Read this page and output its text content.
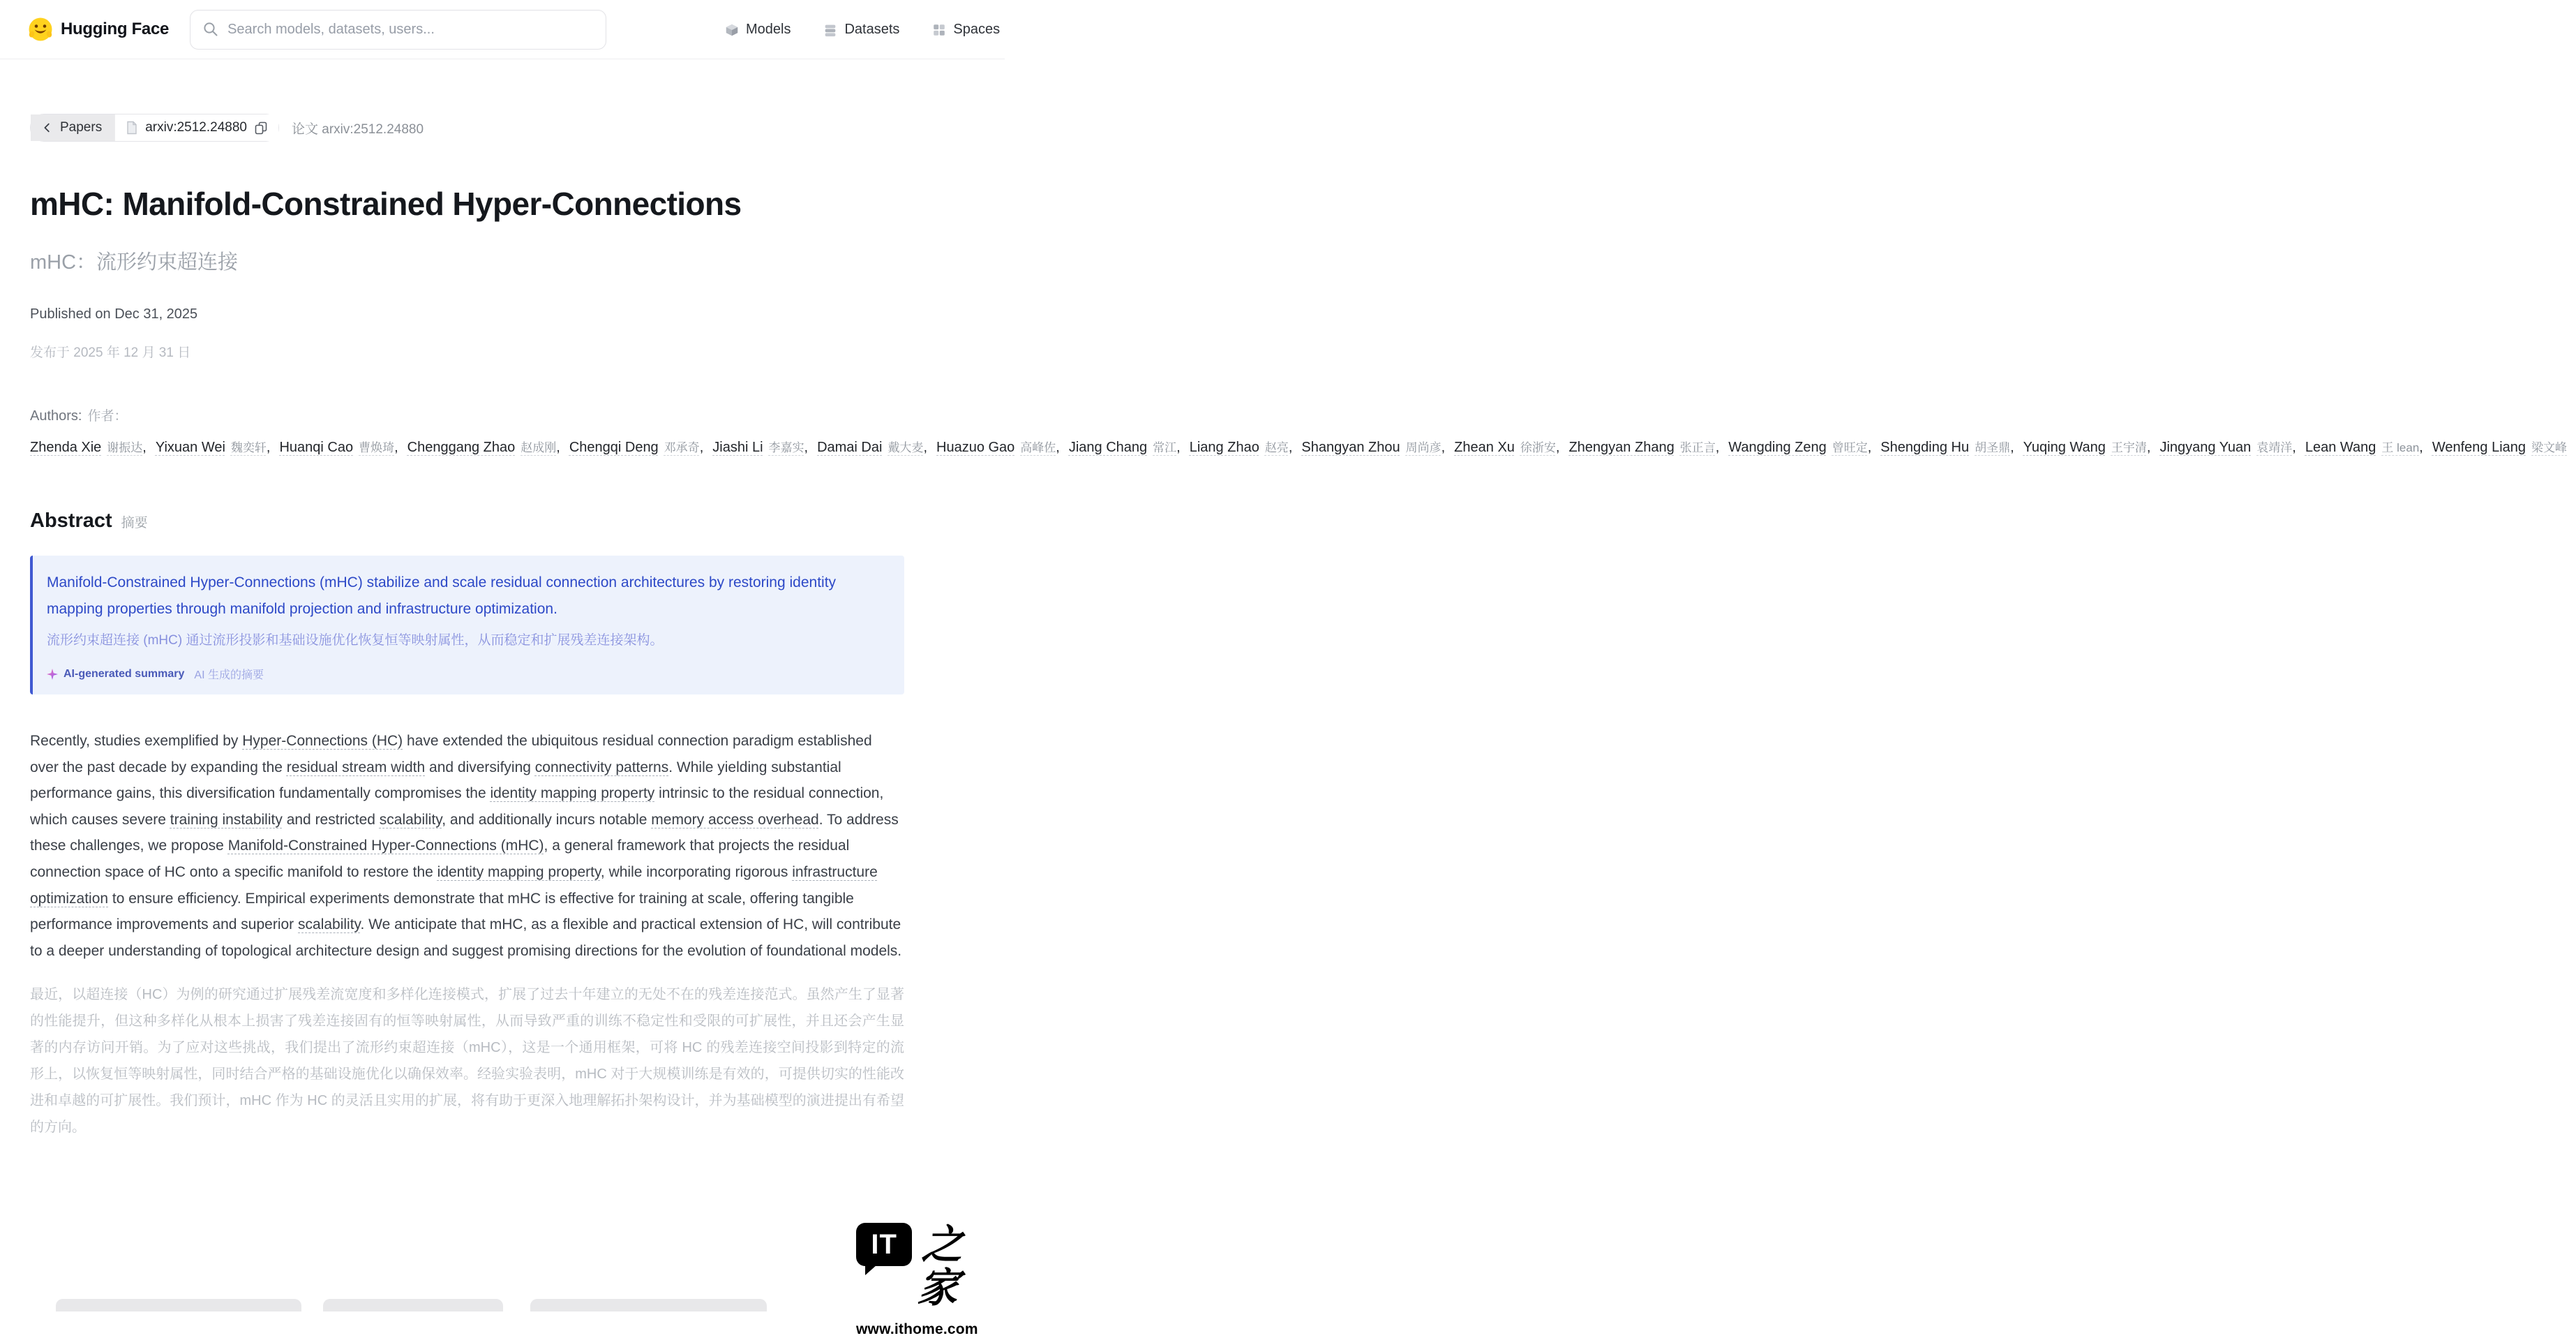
Hugging Face
Search models, datasets, users...	Models	Datasets	Spaces
Papers	arxiv:2512.24880	论文 arxiv:2512.24880
mHC: Manifold-Constrained Hyper-Connections
mHC：流形约束超连接
Published on Dec 31, 2025
发布于 2025 年 12 月 31 日

Authors: 作者：Zhenda Xie 谢振达, Yixuan Wei 魏奕轩, Huanqi Cao 曹焕琦, Chenggang Zhao 赵成刚, Chengqi Deng 邓承奇, Jiashi Li 李嘉实, Damai Dai 戴大麦, Huazuo Gao 高峰佐, Jiang Chang 常江, Liang Zhao 赵亮, Shangyan Zhou 周尚彦, Zhean Xu 徐浙安, Zhengyan Zhang 张正言, Wangding Zeng 曾旺定, Shengding Hu 胡圣鼎, Yuqing Wang 王宇清, Jingyang Yuan 袁靖洋, Lean Wang 王 lean, Wenfeng Liang 梁文峰

Abstract 摘要
Manifold-Constrained Hyper-Connections (mHC) stabilize and scale residual connection architectures by restoring identity mapping properties through manifold projection and infrastructure optimization.
流形约束超连接 (mHC) 通过流形投影和基础设施优化恢复恒等映射属性，从而稳定和扩展残差连接架构。
AI-generated summary AI 生成的摘要

Recently, studies exemplified by Hyper-Connections (HC) have extended the ubiquitous residual connection paradigm established over the past decade by expanding the residual stream width and diversifying connectivity patterns. While yielding substantial performance gains, this diversification fundamentally compromises the identity mapping property intrinsic to the residual connection, which causes severe training instability and restricted scalability, and additionally incurs notable memory access overhead. To address these challenges, we propose Manifold-Constrained Hyper-Connections (mHC), a general framework that projects the residual connection space of HC onto a specific manifold to restore the identity mapping property, while incorporating rigorous infrastructure optimization to ensure efficiency. Empirical experiments demonstrate that mHC is effective for training at scale, offering tangible performance improvements and superior scalability. We anticipate that mHC, as a flexible and practical extension of HC, will contribute to a deeper understanding of topological architecture design and suggest promising directions for the evolution of foundational models.

最近，以超连接（HC）为例的研究通过扩展残差流宽度和多样化连接模式，扩展了过去十年建立的无处不在的残差连接范式。虽然产生了显著的性能提升，但这种多样化从根本上损害了残差连接固有的恒等映射属性，从而导致严重的训练不稳定性和受限的可扩展性，并且还会产生显著的内存访问开销。为了应对这些挑战，我们提出了流形约束超连接（mHC），这是一个通用框架，可将 HC 的残差连接空间投影到特定的流形上，以恢复恒等映射属性，同时结合严格的基础设施优化以确保效率。经验实验表明，mHC 对于大规模训练是有效的，可提供切实的性能改进和卓越的可扩展性。我们预计，mHC 作为 HC 的灵活且实用的扩展，将有助于更深入地理解拓扑架构设计，并为基础模型的演进提出有希望的方向。

IT 之家
www.ithome.com
